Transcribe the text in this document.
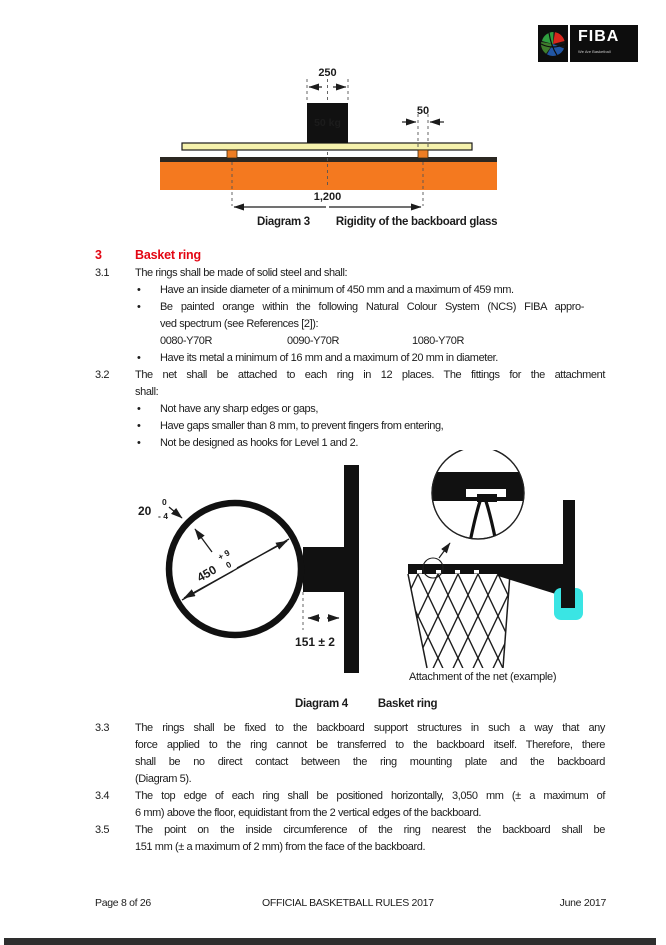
FIBA
We Are Basketball
50 kg
250
50
1,200
Diagram 3 Rigidity of the backboard glass
3	Basket ring
3.1	The rings shall be made of solid steel and shall:
• Have an inside diameter of a minimum of 450 mm and a maximum of 459 mm.
• Be painted orange within the following Natural Colour System (NCS) FIBA appro-
ved spectrum (see References [2]):
0080-Y70R	0090-Y70R	1080-Y70R
• Have its metal a minimum of 16 mm and a maximum of 20 mm in diameter.
3.2	The net shall be attached to each ring in 12 places. The fittings for the attachment
shall:
• Not have any sharp edges or gaps,
• Have gaps smaller than 8 mm, to prevent fingers from entering,
• Not be designed as hooks for Level 1 and 2.
20
0
- 4
450
+ 9
0
151 ± 2
Attachment of the net (example)
Diagram 4	Basket ring
3.3	The rings shall be fixed to the backboard support structures in such a way that any
force applied to the ring cannot be transferred to the backboard itself. Therefore, there
shall be no direct contact between the ring mounting plate and the backboard
(Diagram 5).
3.4	The top edge of each ring shall be positioned horizontally, 3,050 mm (± a maximum of
6 mm) above the floor, equidistant from the 2 vertical edges of the backboard.
3.5	The point on the inside circumference of the ring nearest the backboard shall be
151 mm (± a maximum of 2 mm) from the face of the backboard.
Page 8 of 26	OFFICIAL BASKETBALL RULES 2017	June 2017
